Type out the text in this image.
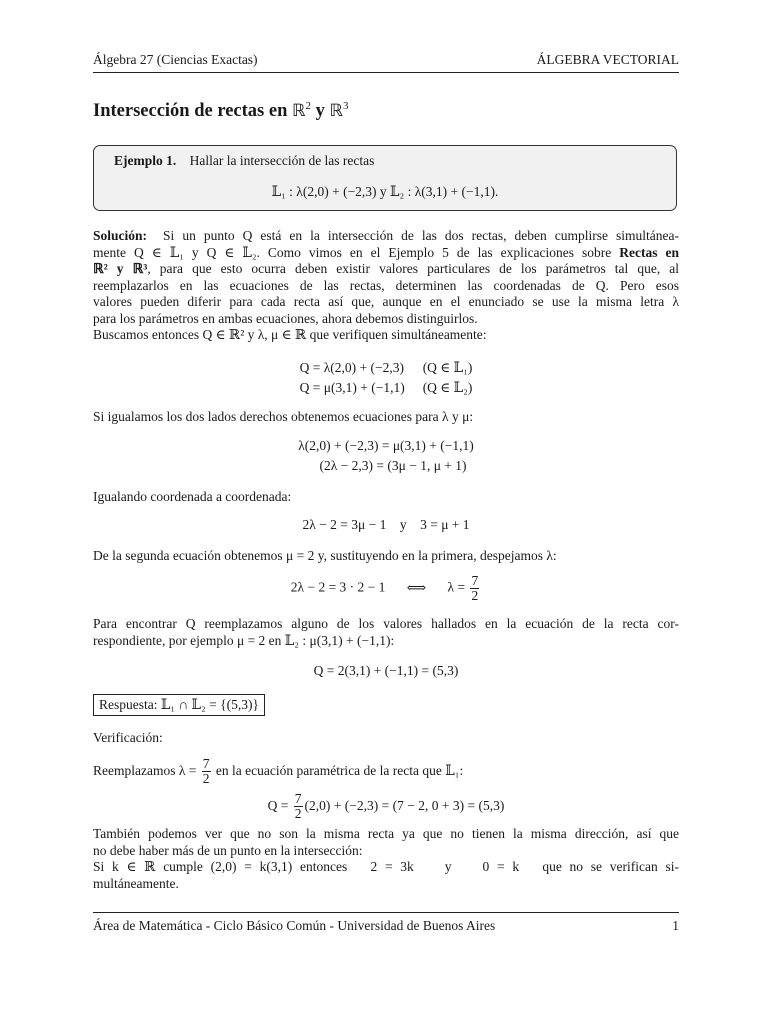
Álgebra 27 (Ciencias Exactas)	ÁLGEBRA VECTORIAL
Intersección de rectas en ℝ$^2$ y ℝ$^3$
Ejemplo 1. Hallar la intersección de las rectas
𝕃₁ : λ(2,0) + (−2,3) y 𝕃₂ : λ(3,1) + (−1,1).
Solución: Si un punto Q está en la intersección de las dos rectas, deben cumplirse simultánea-
mente Q ∈ 𝕃₁ y Q ∈ 𝕃₂. Como vimos en el Ejemplo 5 de las explicaciones sobre Rectas en
ℝ² y ℝ³, para que esto ocurra deben existir valores particulares de los parámetros tal que, al
reemplazarlos en las ecuaciones de las rectas, determinen las coordenadas de Q. Pero esos
valores pueden diferir para cada recta así que, aunque en el enunciado se use la misma letra λ
para los parámetros en ambas ecuaciones, ahora debemos distinguirlos.
Buscamos entonces Q ∈ ℝ² y λ, μ ∈ ℝ que verifiquen simultáneamente:
Q = λ(2,0) + (−2,3)	(Q ∈ 𝕃₁)
Q = μ(3,1) + (−1,1)	(Q ∈ 𝕃₂)
Si igualamos los dos lados derechos obtenemos ecuaciones para λ y μ:
λ(2,0) + (−2,3) = μ(3,1) + (−1,1)
(2λ − 2,3) = (3μ − 1, μ + 1)
Igualando coordenada a coordenada:
2λ − 2 = 3μ − 1    y    3 = μ + 1
De la segunda ecuación obtenemos μ = 2 y, sustituyendo en la primera, despejamos λ:
2λ − 2 = 3 · 2 − 1 ⟺ $\lambda = \frac{7}{2}$
Para encontrar Q reemplazamos alguno de los valores hallados en la ecuación de la recta cor-
respondiente, por ejemplo μ = 2 en 𝕃₂ : μ(3,1) + (−1,1):
Q = 2(3,1) + (−1,1) = (5,3)
Respuesta: 𝕃₁ ∩ 𝕃₂ = {(5,3)}
Verificación:
Reemplazamos $\lambda = \frac{7}{2}$ en la ecuación paramétrica de la recta que 𝕃₁:
$Q = \frac{7}{2} (2,0) + (-2,3) = (7 - 2$, 0 + 3) = (5,3)
También podemos ver que no son la misma recta ya que no tienen la misma dirección, así que
no debe haber más de un punto en la intersección:
Si k ∈ ℝ cumple (2,0) = k(3,1) entonces   2 = 3k    y    0 = k   que no se verifican si-
multáneamente.
Área de Matemática - Ciclo Básico Común - Universidad de Buenos Aires	1
